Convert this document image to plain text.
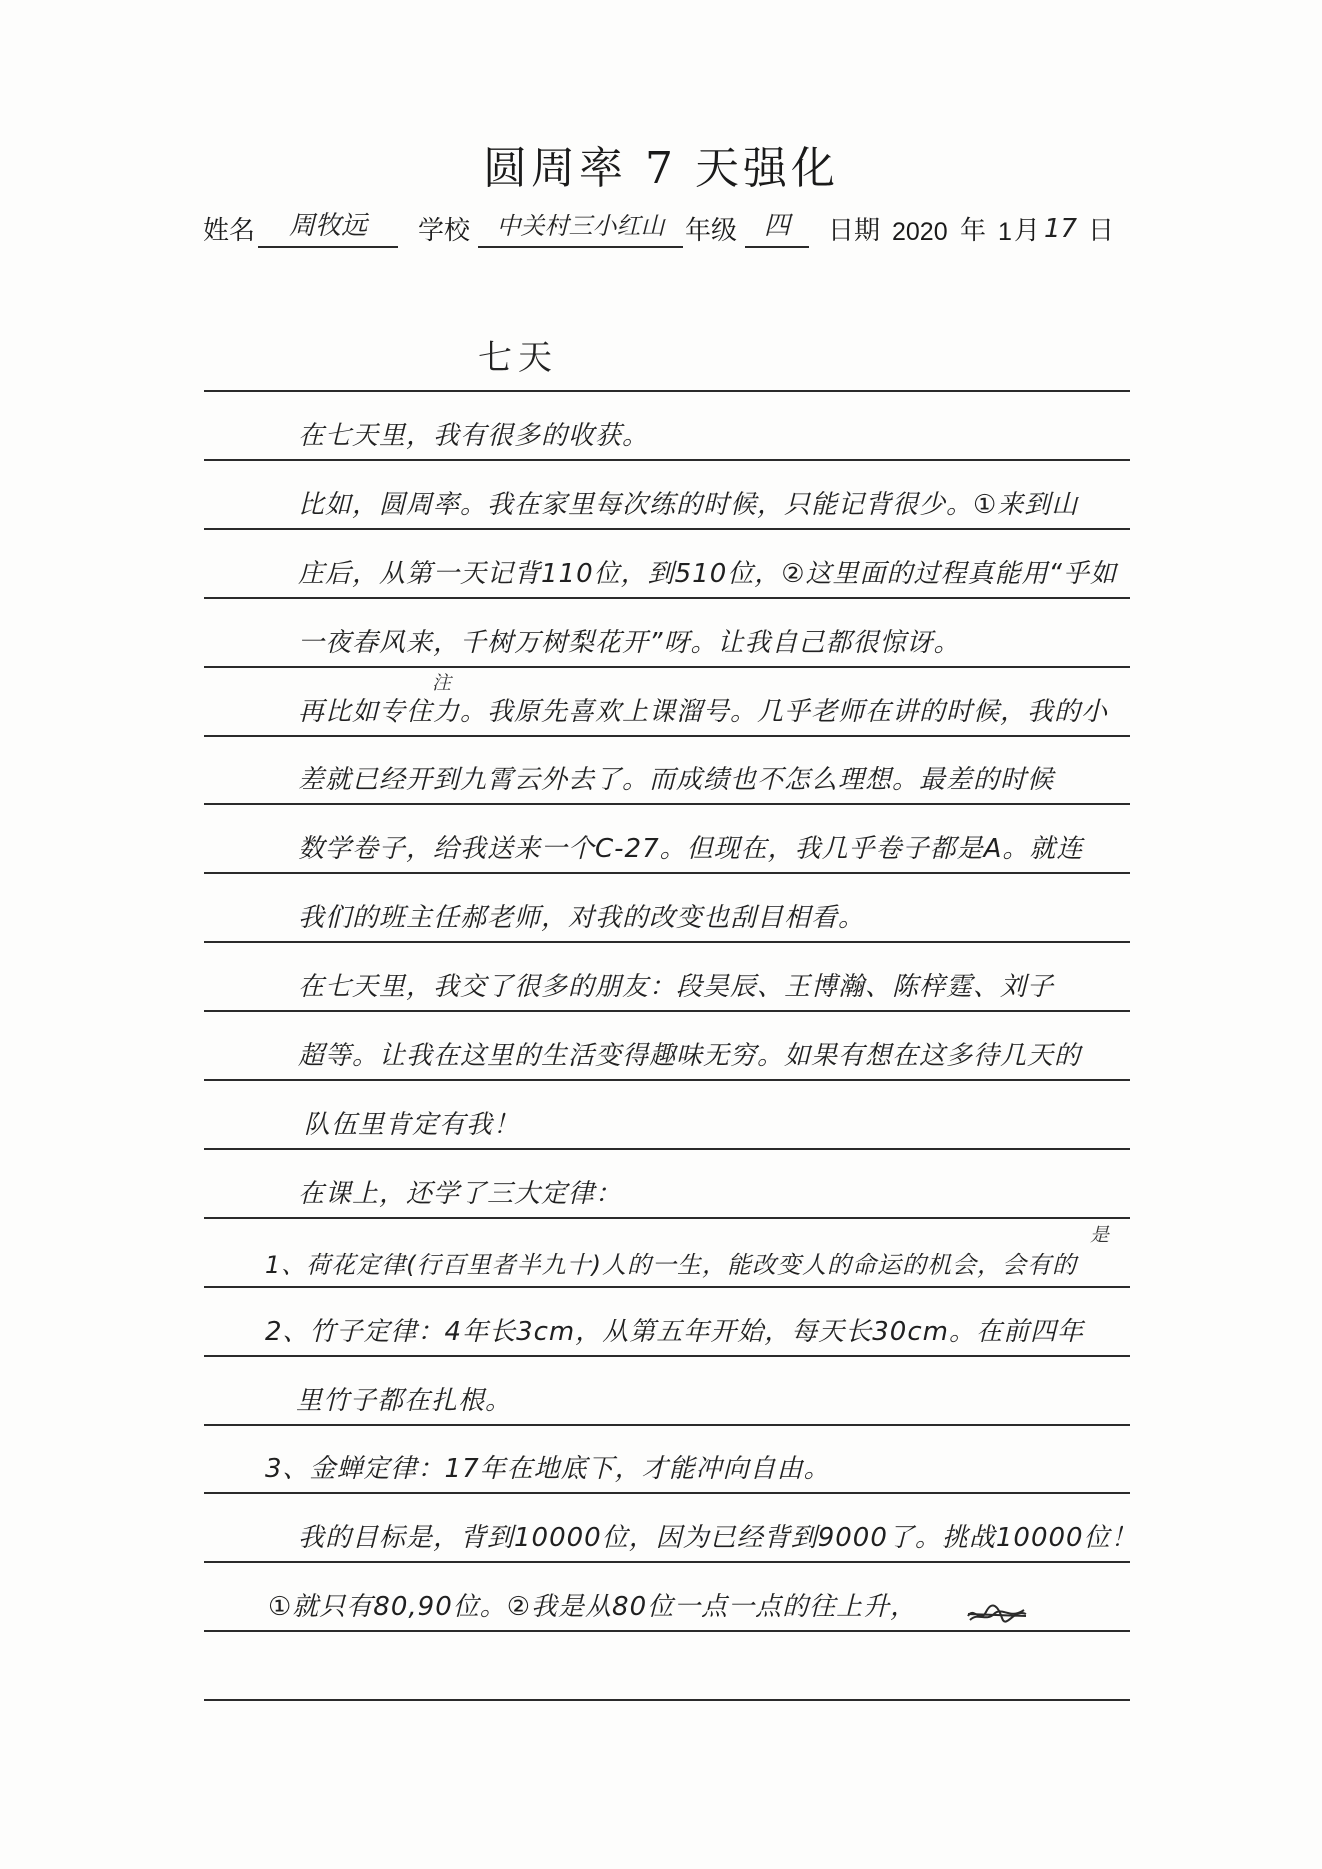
圆周率 7 天强化
姓名	周牧远	学校	中关村三小红山 年级	四	日期 2020 年 1 月 17 日
七天
在七天里，我有很多的收获。
比如，圆周率。我在家里每次练的时候，只能记背很少。①来到山
庄后，从第一天记背110位，到510位，②这里面的过程真能用“乎如
一夜春风来，千树万树梨花开”呀。让我自己都很惊讶。
再比如专住力。我原先喜欢上课溜号。几乎老师在讲的时候，我的小
差就已经开到九霄云外去了。而成绩也不怎么理想。最差的时候
数学卷子，给我送来一个C-27。但现在，我几乎卷子都是A。就连
我们的班主任郝老师，对我的改变也刮目相看。
在七天里，我交了很多的朋友：段昊辰、王博瀚、陈梓霆、刘子
超等。让我在这里的生活变得趣味无穷。如果有想在这多待几天的
队伍里肯定有我！
在课上，还学了三大定律：
1、荷花定律(行百里者半九十)人的一生，能改变人的命运的机会，会有的
2、竹子定律：4年长3cm，从第五年开始，每天长30cm。在前四年
里竹子都在扎根。
3、金蝉定律：17年在地底下，才能冲向自由。
我的目标是，背到10000位，因为已经背到9000了。挑战10000位！
①就只有80,90位。②我是从80位一点一点的往上升，
注
是
